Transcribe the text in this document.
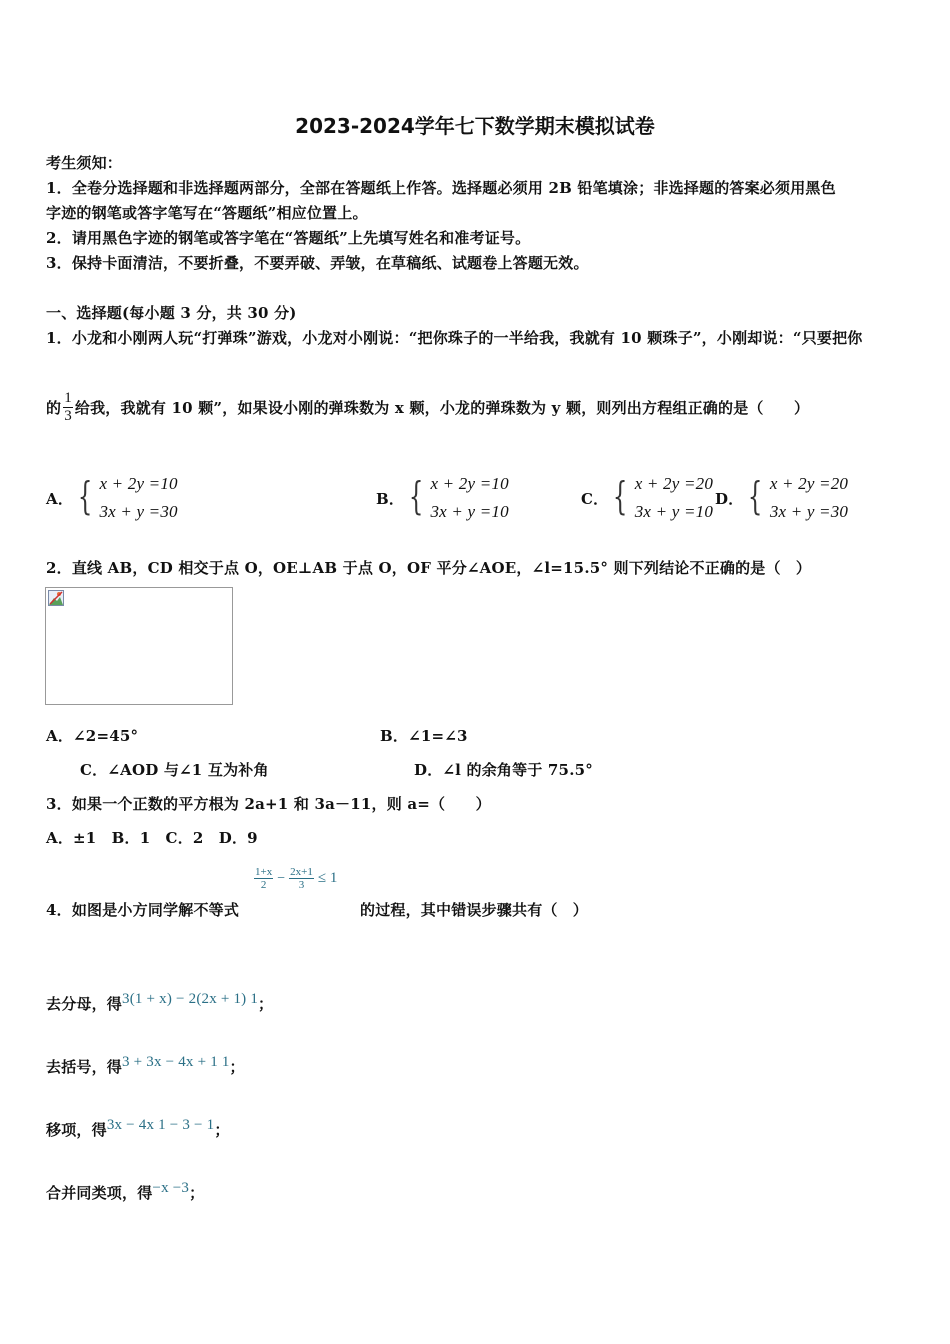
2023-2024学年七下数学期末模拟试卷
考生须知：
1．全卷分选择题和非选择题两部分，全部在答题纸上作答。选择题必须用 2B 铅笔填涂；非选择题的答案必须用黑色
字迹的钢笔或答字笔写在“答题纸”相应位置上。
2．请用黑色字迹的钢笔或答字笔在“答题纸”上先填写姓名和准考证号。
3．保持卡面清洁，不要折叠，不要弄破、弄皱，在草稿纸、试题卷上答题无效。
一、选择题(每小题 3 分，共 30 分)
1．小龙和小刚两人玩“打弹珠”游戏，小龙对小刚说：“把你珠子的一半给我，我就有 10 颗珠子”，小刚却说：“只要把你
的 $\frac{1}{3}$ 给我，我就有 10 颗”，如果设小刚的弹珠数为 x 颗，小龙的弹珠数为 y 颗，则列出方程组正确的是（　　）
A． { x + 2y =10
3x + y =30
B． { x + 2y =10
3x + y =10
C． { x + 2y =20
3x + y =10
D． { x + 2y =20
3x + y =30
2．直线 AB，CD 相交于点 O，OE⊥AB 于点 O，OF 平分∠AOE，∠l=15.5° 则下列结论不正确的是（　）
A．∠2=45°	B．∠1=∠3
C．∠AOD 与∠1 互为补角	D．∠l 的余角等于 75.5°
3．如果一个正数的平方根为 2a+1 和 3a－11，则 a=（　　）
A．±1　B．1　C．2　D．9
4．如图是小方同学解不等式
$\frac{1+x}{2} - \frac{2x+1}{3} \le 1$
的过程，其中错误步骤共有（　）
去分母，得 3(1 + x) − 2(2x + 1) 1 ；
去括号，得 3 + 3x − 4x + 1 1 ；
移项，得 3x − 4x 1 − 3 − 1 ；
合并同类项，得 −x −3 ；
